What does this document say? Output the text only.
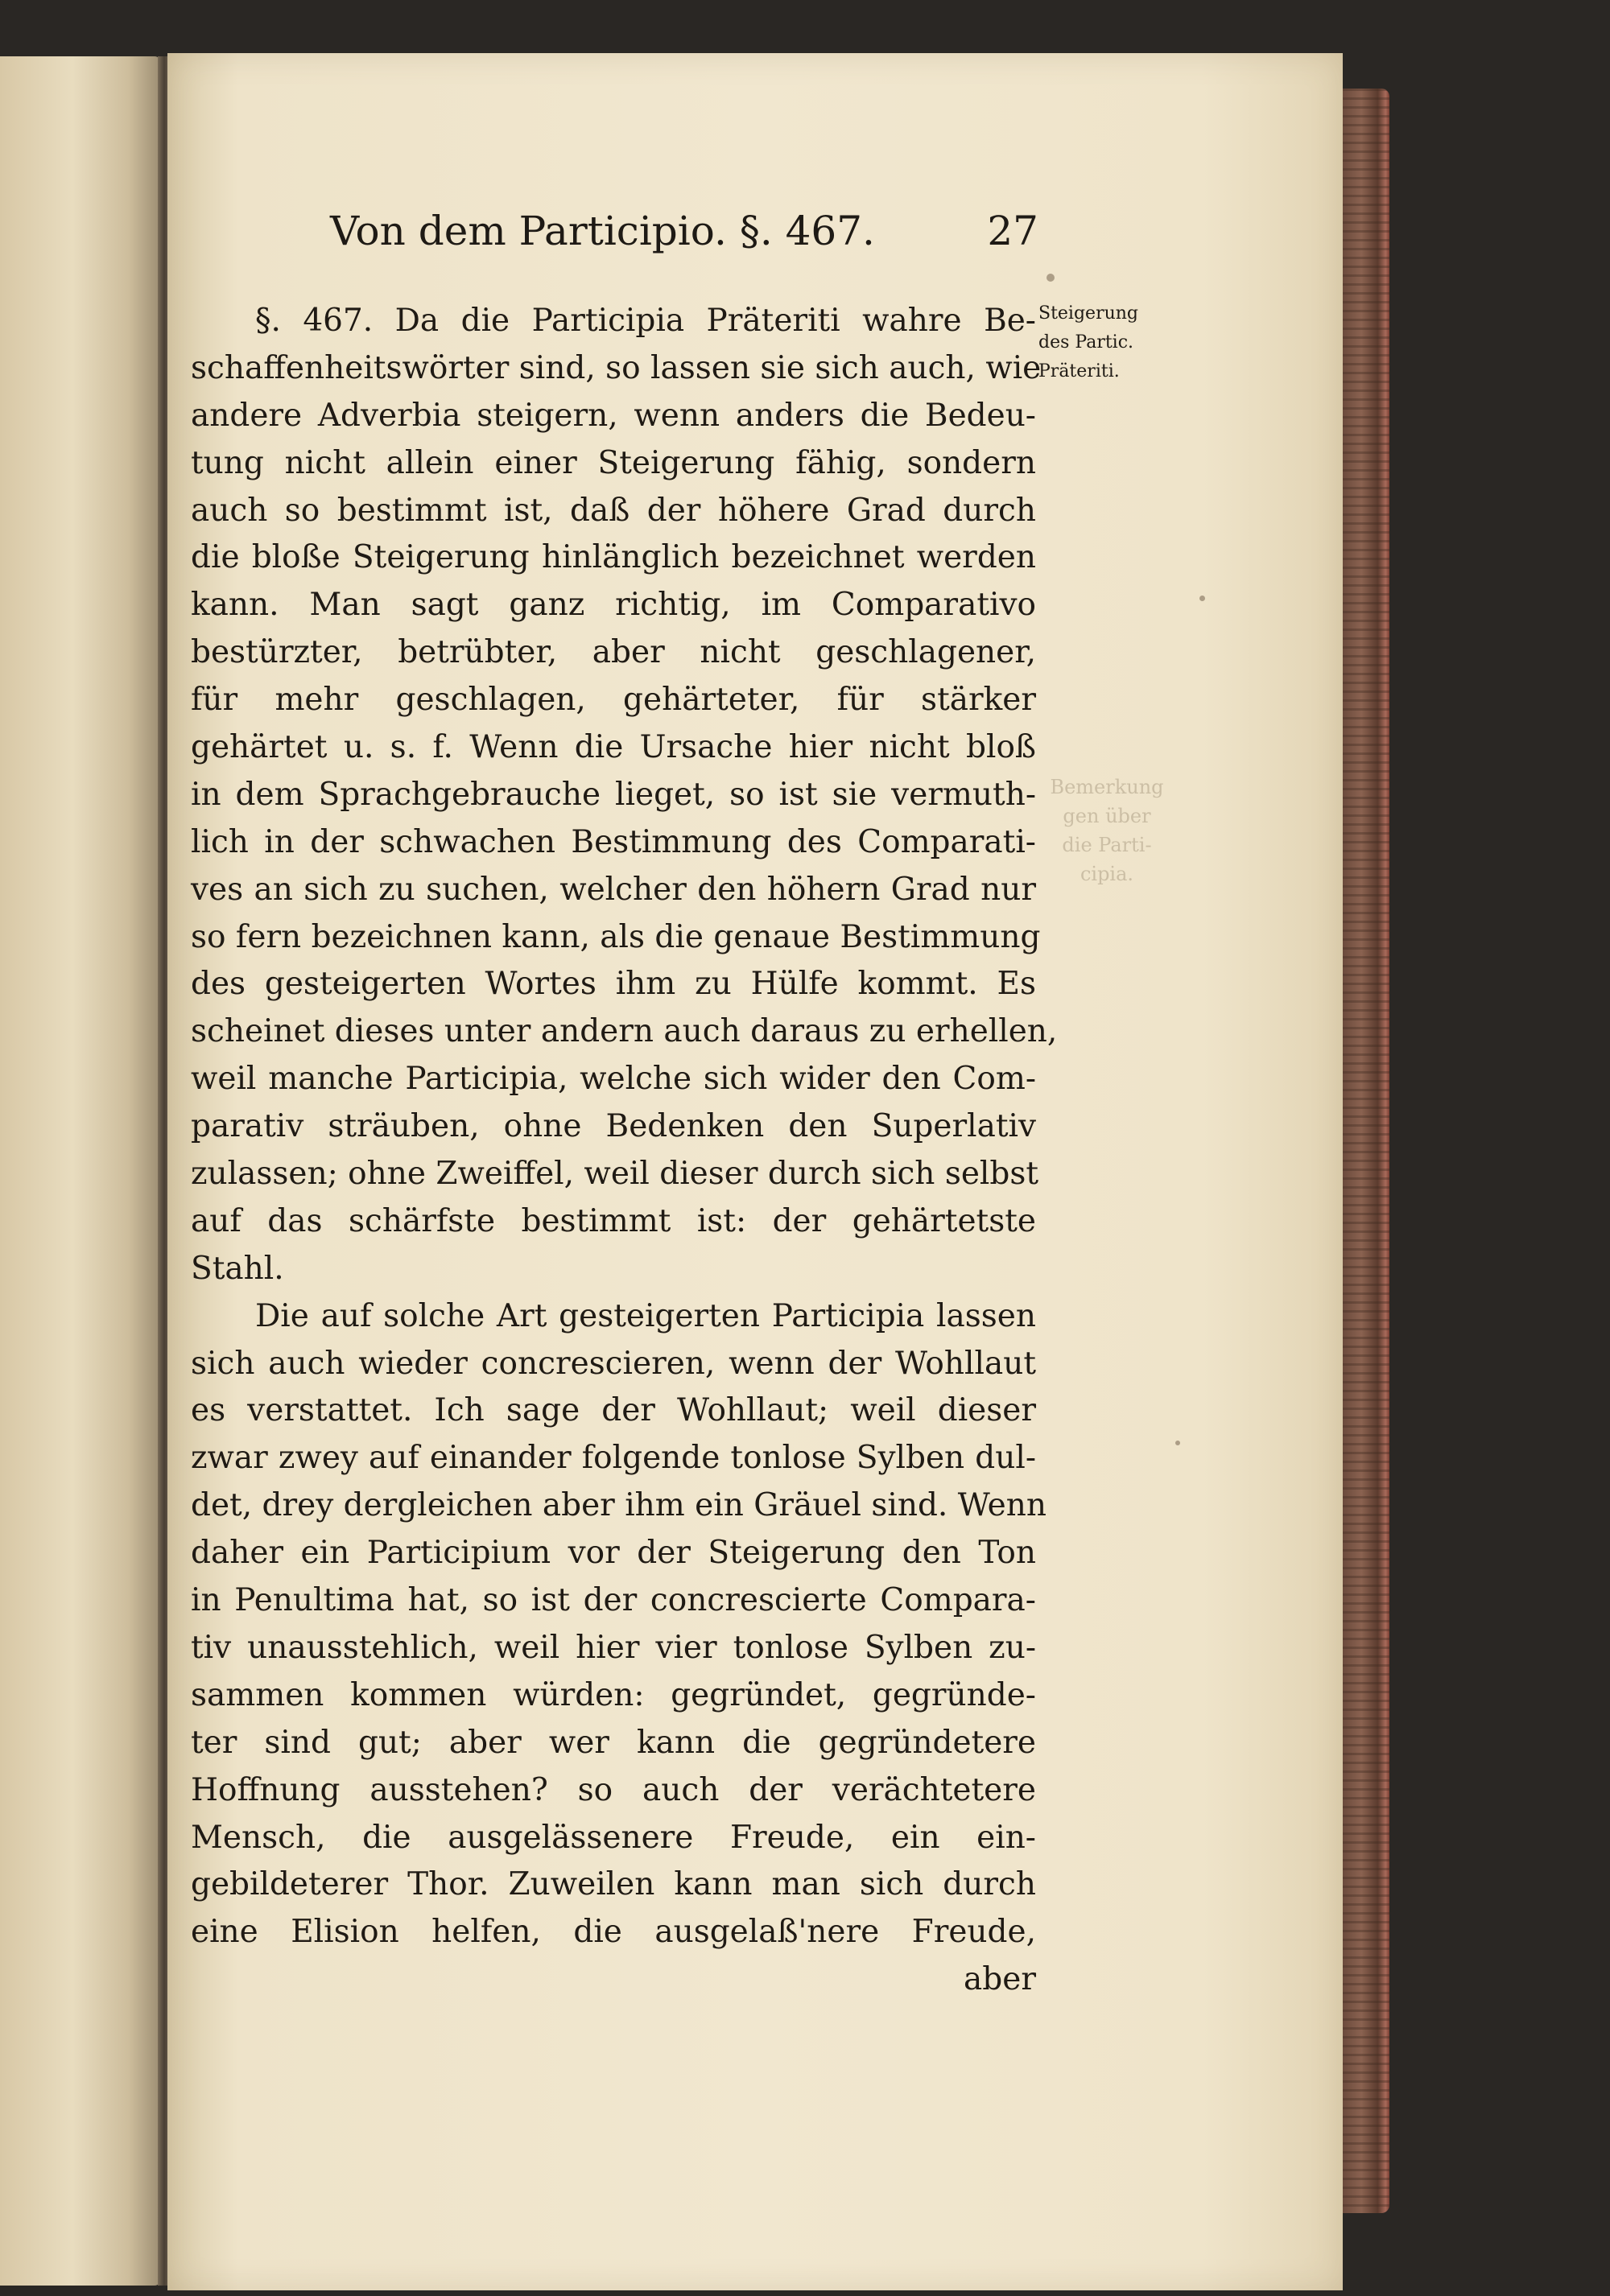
Bemerkung
gen über
die Parti-
cipia.
Von dem Participio. §. 467.	27
Steigerung
des Partic.
Präteriti.
§. 467. Da die Participia Präteriti wahre Be-
schaffenheitswörter sind, so lassen sie sich auch, wie
andere Adverbia steigern, wenn anders die Bedeu-
tung nicht allein einer Steigerung fähig, sondern
auch so bestimmt ist, daß der höhere Grad durch
die bloße Steigerung hinlänglich bezeichnet werden
kann. Man sagt ganz richtig, im Comparativo
bestürzter, betrübter, aber nicht geschlagener,
für mehr geschlagen, gehärteter, für stärker
gehärtet u. s. f. Wenn die Ursache hier nicht bloß
in dem Sprachgebrauche lieget, so ist sie vermuth-
lich in der schwachen Bestimmung des Comparati-
ves an sich zu suchen, welcher den höhern Grad nur
so fern bezeichnen kann, als die genaue Bestimmung
des gesteigerten Wortes ihm zu Hülfe kommt. Es
scheinet dieses unter andern auch daraus zu erhellen,
weil manche Participia, welche sich wider den Com-
parativ sträuben, ohne Bedenken den Superlativ
zulassen; ohne Zweiffel, weil dieser durch sich selbst
auf das schärfste bestimmt ist: der gehärtetste
Stahl.
Die auf solche Art gesteigerten Participia lassen
sich auch wieder concrescieren, wenn der Wohllaut
es verstattet. Ich sage der Wohllaut; weil dieser
zwar zwey auf einander folgende tonlose Sylben dul-
det, drey dergleichen aber ihm ein Gräuel sind. Wenn
daher ein Participium vor der Steigerung den Ton
in Penultima hat, so ist der concrescierte Compara-
tiv unausstehlich, weil hier vier tonlose Sylben zu-
sammen kommen würden: gegründet, gegründe-
ter sind gut; aber wer kann die gegründetere
Hoffnung ausstehen? so auch der verächtetere
Mensch, die ausgelässenere Freude, ein ein-
gebildeterer Thor. Zuweilen kann man sich durch
eine Elision helfen, die ausgelaß'nere Freude,
aber
